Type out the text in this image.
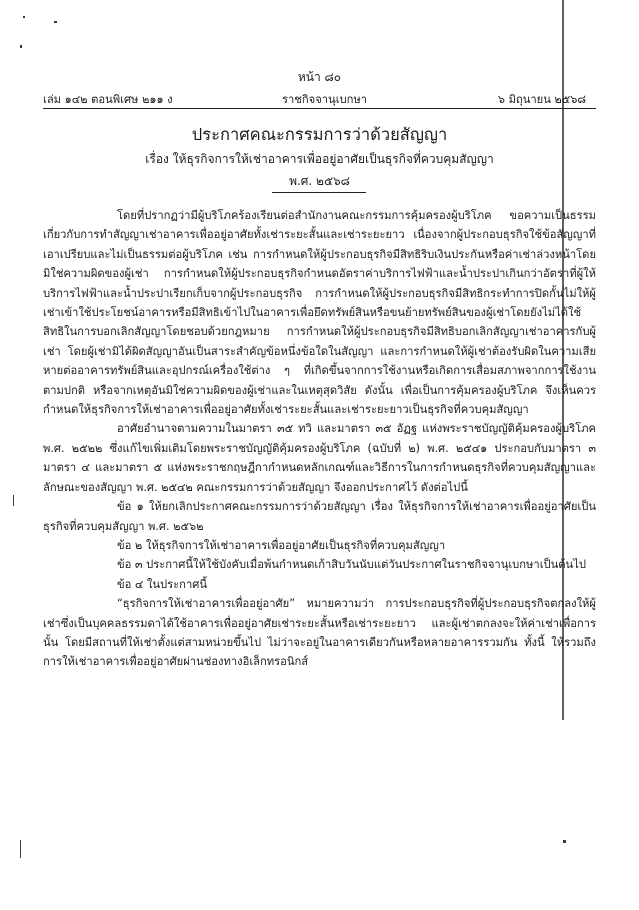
หน้า ๘๐
เล่ม ๑๔๒ ตอนพิเศษ ๒๑๑ ง	ราชกิจจานุเบกษา	๖ มิถุนายน ๒๕๖๘
ประกาศคณะกรรมการว่าด้วยสัญญา
เรื่อง ให้ธุรกิจการให้เช่าอาคารเพื่ออยู่อาศัยเป็นธุรกิจที่ควบคุมสัญญา
พ.ศ. ๒๕๖๘

โดยที่ปรากฏว่ามีผู้บริโภคร้องเรียนต่อสำนักงานคณะกรรมการคุ้มครองผู้บริโภค ขอความเป็นธรรมเกี่ยวกับการทำสัญญาเช่าอาคารเพื่ออยู่อาศัยทั้งเช่าระยะสั้นและเช่าระยะยาว เนื่องจากผู้ประกอบธุรกิจใช้ข้อสัญญาที่เอาเปรียบและไม่เป็นธรรมต่อผู้บริโภค เช่น การกำหนดให้ผู้ประกอบธุรกิจมีสิทธิริบเงินประกันหรือค่าเช่าล่วงหน้าโดยมิใช่ความผิดของผู้เช่า การกำหนดให้ผู้ประกอบธุรกิจกำหนดอัตราค่าบริการไฟฟ้าและน้ำประปาเกินกว่าอัตราที่ผู้ให้บริการไฟฟ้าและน้ำประปาเรียกเก็บจากผู้ประกอบธุรกิจ การกำหนดให้ผู้ประกอบธุรกิจมีสิทธิกระทำการปิดกั้นไม่ให้ผู้เช่าเข้าใช้ประโยชน์อาคารหรือมีสิทธิเข้าไปในอาคารเพื่อยึดทรัพย์สินหรือขนย้ายทรัพย์สินของผู้เช่าโดยยังไม่ได้ใช้สิทธิในการบอกเลิกสัญญาโดยชอบด้วยกฎหมาย การกำหนดให้ผู้ประกอบธุรกิจมีสิทธิบอกเลิกสัญญาเช่าอาคารกับผู้เช่า โดยผู้เช่ามิได้ผิดสัญญาอันเป็นสาระสำคัญข้อหนึ่งข้อใดในสัญญา และการกำหนดให้ผู้เช่าต้องรับผิดในความเสียหายต่ออาคารทรัพย์สินและอุปกรณ์เครื่องใช้ต่าง ๆ ที่เกิดขึ้นจากการใช้งานหรือเกิดการเสื่อมสภาพจากการใช้งานตามปกติ หรือจากเหตุอันมิใช่ความผิดของผู้เช่าและในเหตุสุดวิสัย ดังนั้น เพื่อเป็นการคุ้มครองผู้บริโภค จึงเห็นควรกำหนดให้ธุรกิจการให้เช่าอาคารเพื่ออยู่อาศัยทั้งเช่าระยะสั้นและเช่าระยะยาวเป็นธุรกิจที่ควบคุมสัญญา

อาศัยอำนาจตามความในมาตรา ๓๕ ทวิ และมาตรา ๓๕ อัฏฐ แห่งพระราชบัญญัติคุ้มครองผู้บริโภค พ.ศ. ๒๕๒๒ ซึ่งแก้ไขเพิ่มเติมโดยพระราชบัญญัติคุ้มครองผู้บริโภค (ฉบับที่ ๒) พ.ศ. ๒๕๔๑ ประกอบกับมาตรา ๓ มาตรา ๔ และมาตรา ๕ แห่งพระราชกฤษฎีกากำหนดหลักเกณฑ์และวิธีการในการกำหนดธุรกิจที่ควบคุมสัญญาและลักษณะของสัญญา พ.ศ. ๒๕๔๒ คณะกรรมการว่าด้วยสัญญา จึงออกประกาศไว้ ดังต่อไปนี้

ข้อ ๑ ให้ยกเลิกประกาศคณะกรรมการว่าด้วยสัญญา เรื่อง ให้ธุรกิจการให้เช่าอาคารเพื่ออยู่อาศัยเป็นธุรกิจที่ควบคุมสัญญา พ.ศ. ๒๕๖๒

ข้อ ๒ ให้ธุรกิจการให้เช่าอาคารเพื่ออยู่อาศัยเป็นธุรกิจที่ควบคุมสัญญา

ข้อ ๓ ประกาศนี้ให้ใช้บังคับเมื่อพ้นกำหนดเก้าสิบวันนับแต่วันประกาศในราชกิจจานุเบกษาเป็นต้นไป

ข้อ ๔ ในประกาศนี้

“ธุรกิจการให้เช่าอาคารเพื่ออยู่อาศัย” หมายความว่า การประกอบธุรกิจที่ผู้ประกอบธุรกิจตกลงให้ผู้เช่าซึ่งเป็นบุคคลธรรมดาได้ใช้อาคารเพื่ออยู่อาศัยเช่าระยะสั้นหรือเช่าระยะยาว และผู้เช่าตกลงจะให้ค่าเช่าเพื่อการนั้น โดยมีสถานที่ให้เช่าตั้งแต่สามหน่วยขึ้นไป ไม่ว่าจะอยู่ในอาคารเดียวกันหรือหลายอาคารรวมกัน ทั้งนี้ ให้รวมถึงการให้เช่าอาคารเพื่ออยู่อาศัยผ่านช่องทางอิเล็กทรอนิกส์
